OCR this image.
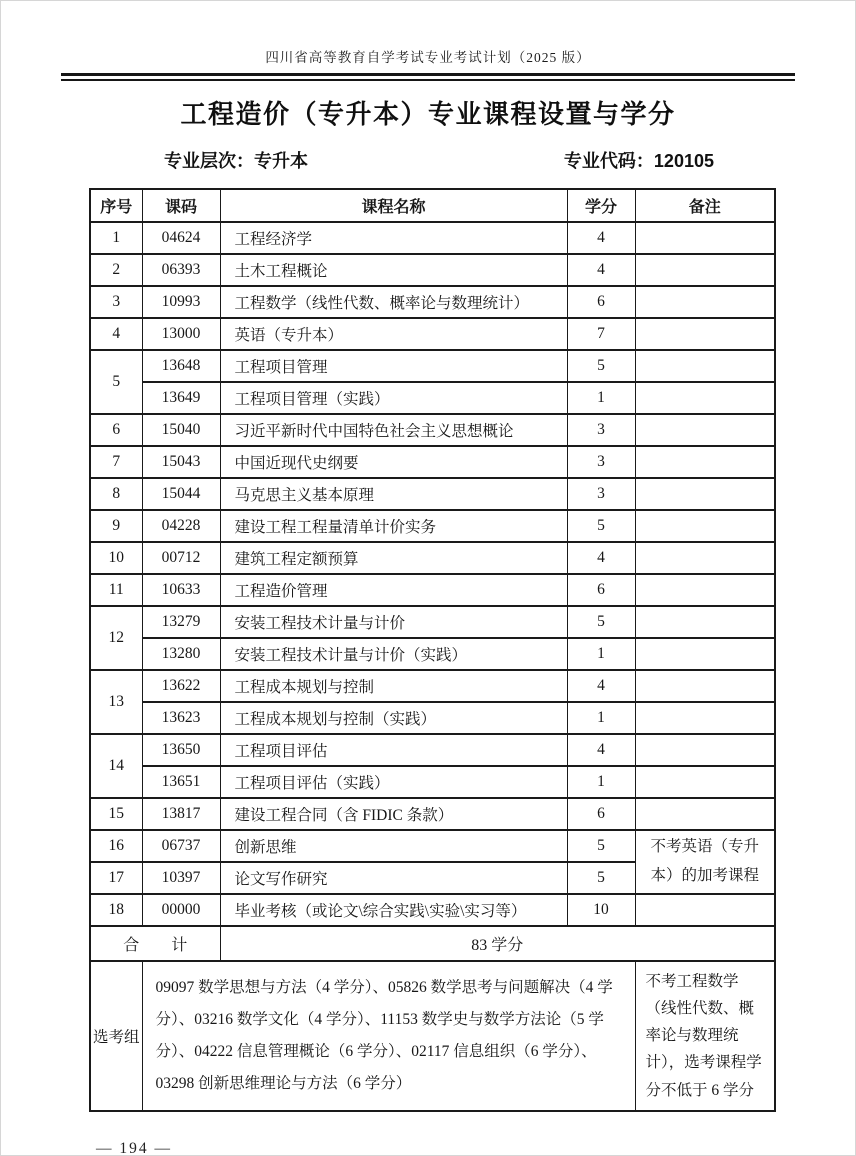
四川省高等教育自学考试专业考试计划（2025 版）
工程造价（专升本）专业课程设置与学分
专业层次：专升本	专业代码：120105
序号	课码	课程名称	学分	备注
1	04624	工程经济学	4	
2	06393	土木工程概论	4	
3	10993	工程数学（线性代数、概率论与数理统计）	6	
4	13000	英语（专升本）	7	
5	13648	工程项目管理	5	
	13649	工程项目管理（实践）	1	
6	15040	习近平新时代中国特色社会主义思想概论	3	
7	15043	中国近现代史纲要	3	
8	15044	马克思主义基本原理	3	
9	04228	建设工程工程量清单计价实务	5	
10	00712	建筑工程定额预算	4	
11	10633	工程造价管理	6	
12	13279	安装工程技术计量与计价	5	
	13280	安装工程技术计量与计价（实践）	1	
13	13622	工程成本规划与控制	4	
	13623	工程成本规划与控制（实践）	1	
14	13650	工程项目评估	4	
	13651	工程项目评估（实践）	1	
15	13817	建设工程合同（含 FIDIC 条款）	6	
16	06737	创新思维	5	不考英语（专升本）的加考课程
17	10397	论文写作研究	5	
18	00000	毕业考核（或论文\综合实践\实验\实习等）	10	
合　　计		83 学分		
选考组	09097 数学思想与方法（4 学分）、05826 数学思考与问题解决（4 学分）、03216 数学文化（4 学分）、11153 数学史与数学方法论（5 学分）、04222 信息管理概论（6 学分）、02117 信息组织（6 学分）、03298 创新思维理论与方法（6 学分）			不考工程数学（线性代数、概率论与数理统计），选考课程学分不低于 6 学分
— 194 —
